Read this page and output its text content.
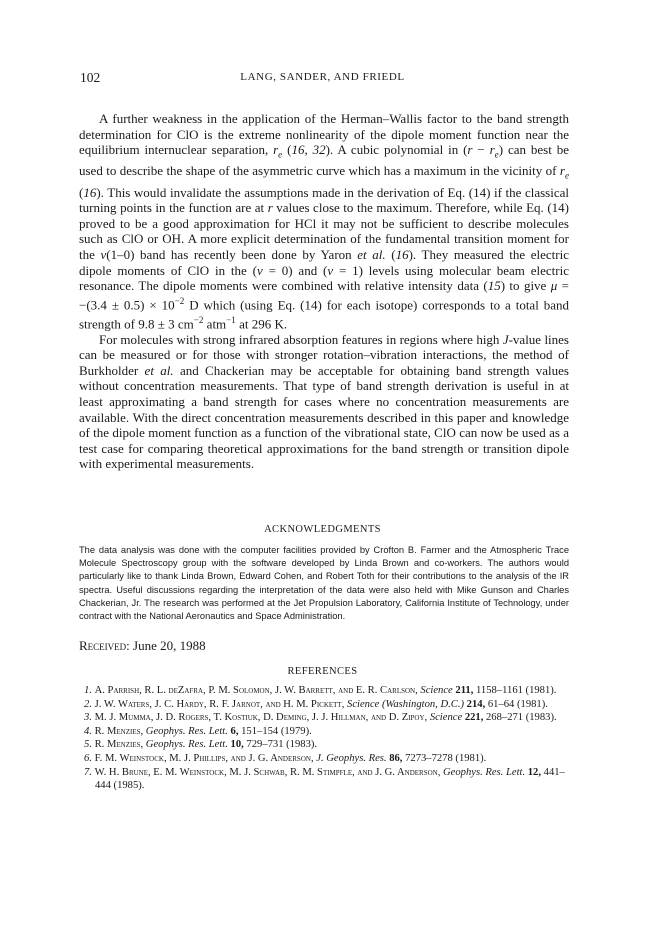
102	LANG, SANDER, AND FRIEDL

A further weakness in the application of the Herman–Wallis factor to the band strength determination for ClO is the extreme nonlinearity of the dipole moment function near the equilibrium internuclear separation, $r_e$ (16, 32). A cubic polynomial in $(r - r_e)$ can best be used to describe the shape of the asymmetric curve which has a maximum in the vicinity of $r_e$ (16). This would invalidate the assumptions made in the derivation of Eq. (14) if the classical turning points in the function are at r values close to the maximum. Therefore, while Eq. (14) proved to be a good approximation for HCl it may not be sufficient to describe molecules such as ClO or OH. A more explicit determination of the fundamental transition moment for the v(1–0) band has recently been done by Yaron et al. (16). They measured the electric dipole moments of ClO in the (v = 0) and (v = 1) levels using molecular beam electric resonance. The dipole moments were combined with relative intensity data (15) to give $\mu = -(3.4 \pm 0.5) \times 10^{-2}$ D which (using Eq. (14) for each isotope) corresponds to a total band strength of 9.8 ± 3 $cm^{-2}$ atm$^{-1}$ at 296 K.

For molecules with strong infrared absorption features in regions where high J-value lines can be measured or for those with stronger rotation–vibration interactions, the method of Burkholder et al. and Chackerian may be acceptable for obtaining band strength values without concentration measurements. That type of band strength derivation is useful in at least approximating a band strength for cases where no concentration measurements are available. With the direct concentration measurements described in this paper and knowledge of the dipole moment function as a function of the vibrational state, ClO can now be used as a test case for comparing theoretical approximations for the band strength or transition dipole with experimental measurements.

ACKNOWLEDGMENTS

The data analysis was done with the computer facilities provided by Crofton B. Farmer and the Atmospheric Trace Molecule Spectroscopy group with the software developed by Linda Brown and co-workers. The authors would particularly like to thank Linda Brown, Edward Cohen, and Robert Toth for their contributions to the analysis of the IR spectra. Useful discussions regarding the interpretation of the data were also held with Mike Gunson and Charles Chackerian, Jr. The research was performed at the Jet Propulsion Laboratory, California Institute of Technology, under contract with the National Aeronautics and Space Administration.

Received: June 20, 1988
REFERENCES
1. A. Parrish, R. L. deZafra, P. M. Solomon, J. W. Barrett, and E. R. Carlson, Science 211, 1158–1161 (1981).
2. J. W. Waters, J. C. Hardy, R. F. Jarnot, and H. M. Pickett, Science (Washington, D.C.) 214, 61–64 (1981).
3. M. J. Mumma, J. D. Rogers, T. Kostiuk, D. Deming, J. J. Hillman, and D. Zipoy, Science 221, 268–271 (1983).
4. R. Menzies, Geophys. Res. Lett. 6, 151–154 (1979).
5. R. Menzies, Geophys. Res. Lett. 10, 729–731 (1983).
6. F. M. Weinstock, M. J. Phillips, and J. G. Anderson, J. Geophys. Res. 86, 7273–7278 (1981).
7. W. H. Brune, E. M. Weinstock, M. J. Schwab, R. M. Stimpfle, and J. G. Anderson, Geophys. Res. Lett. 12, 441–444 (1985).
